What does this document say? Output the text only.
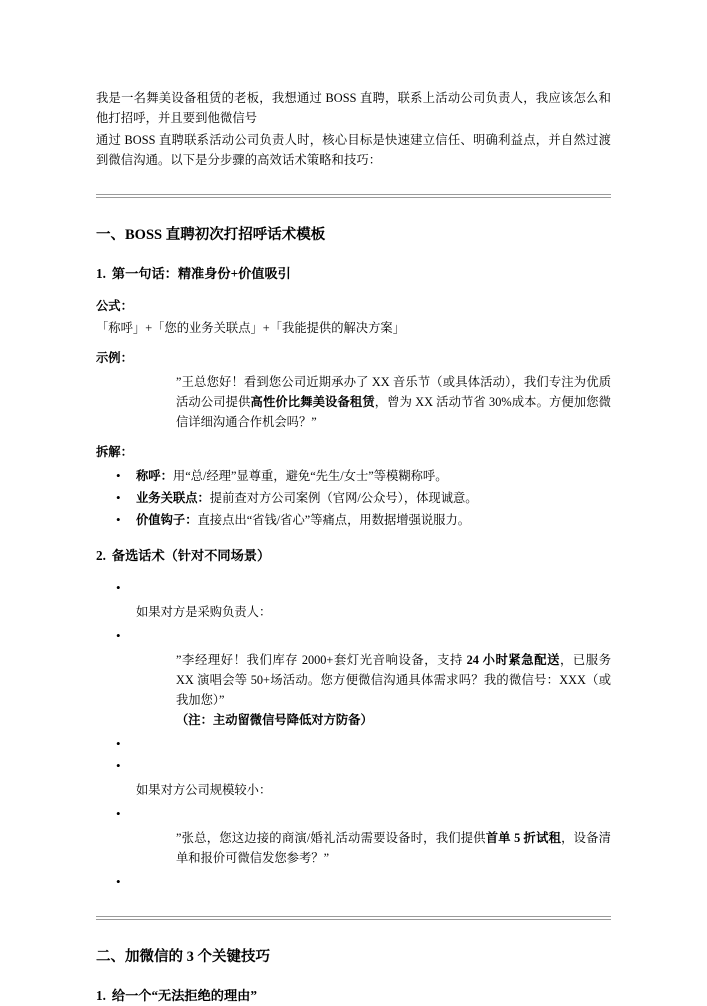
我是一名舞美设备租赁的老板，我想通过 BOSS 直聘，联系上活动公司负责人，我应该怎么和他打招呼，并且要到他微信号

通过 BOSS 直聘联系活动公司负责人时，核心目标是快速建立信任、明确利益点，并自然过渡到微信沟通。以下是分步骤的高效话术策略和技巧：

一、BOSS 直聘初次打招呼话术模板
1. 第一句话：精准身份+价值吸引
公式：
「称呼」+「您的业务关联点」+「我能提供的解决方案」
示例：
”王总您好！看到您公司近期承办了 XX 音乐节（或具体活动），我们专注为优质活动公司提供高性价比舞美设备租赁，曾为 XX 活动节省 30%成本。方便加您微信详细沟通合作机会吗？”
拆解：
• 称呼：用“总/经理”显尊重，避免“先生/女士”等模糊称呼。
• 业务关联点：提前查对方公司案例（官网/公众号），体现诚意。
• 价值钩子：直接点出“省钱/省心”等痛点，用数据增强说服力。
2. 备选话术（针对不同场景）
•
如果对方是采购负责人：
•
”李经理好！我们库存 2000+套灯光音响设备，支持 24 小时紧急配送，已服务 XX 演唱会等 50+场活动。您方便微信沟通具体需求吗？我的微信号：XXX（或我加您）”
（注：主动留微信号降低对方防备）
•
•
如果对方公司规模较小：
•
”张总，您这边接的商演/婚礼活动需要设备时，我们提供首单 5 折试租，设备清单和报价可微信发您参考？”
•
二、加微信的 3 个关键技巧
1. 给一个“无法拒绝的理由”
